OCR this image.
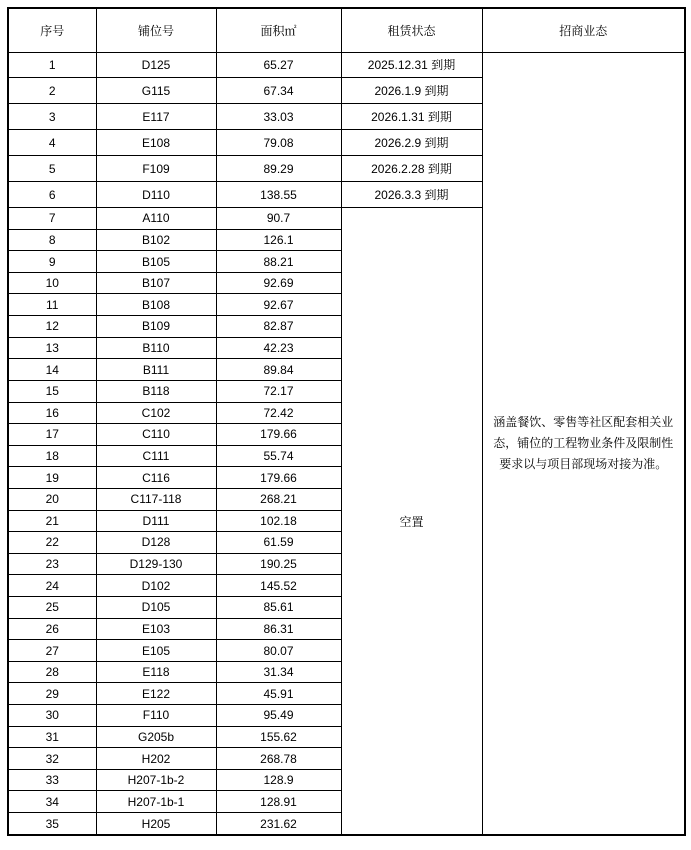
序号	铺位号	面积㎡	租赁状态	招商业态
1	D125	65.27	2025.12.31 到期	涵盖餐饮、零售等社区配套相关业态，铺位的工程物业条件及限制性要求以与项目部现场对接为准。
2	G115	67.34	2026.1.9 到期	
3	E117	33.03	2026.1.31 到期	
4	E108	79.08	2026.2.9 到期	
5	F109	89.29	2026.2.28 到期	
6	D110	138.55	2026.3.3 到期	
7	A110	90.7	空置	
8	B102	126.1		
9	B105	88.21		
10	B107	92.69		
11	B108	92.67		
12	B109	82.87		
13	B110	42.23		
14	B111	89.84		
15	B118	72.17		
16	C102	72.42		
17	C110	179.66		
18	C111	55.74		
19	C116	179.66		
20	C117-118	268.21		
21	D111	102.18		
22	D128	61.59		
23	D129-130	190.25		
24	D102	145.52		
25	D105	85.61		
26	E103	86.31		
27	E105	80.07		
28	E118	31.34		
29	E122	45.91		
30	F110	95.49		
31	G205b	155.62		
32	H202	268.78		
33	H207-1b-2	128.9		
34	H207-1b-1	128.91		
35	H205	231.62		
